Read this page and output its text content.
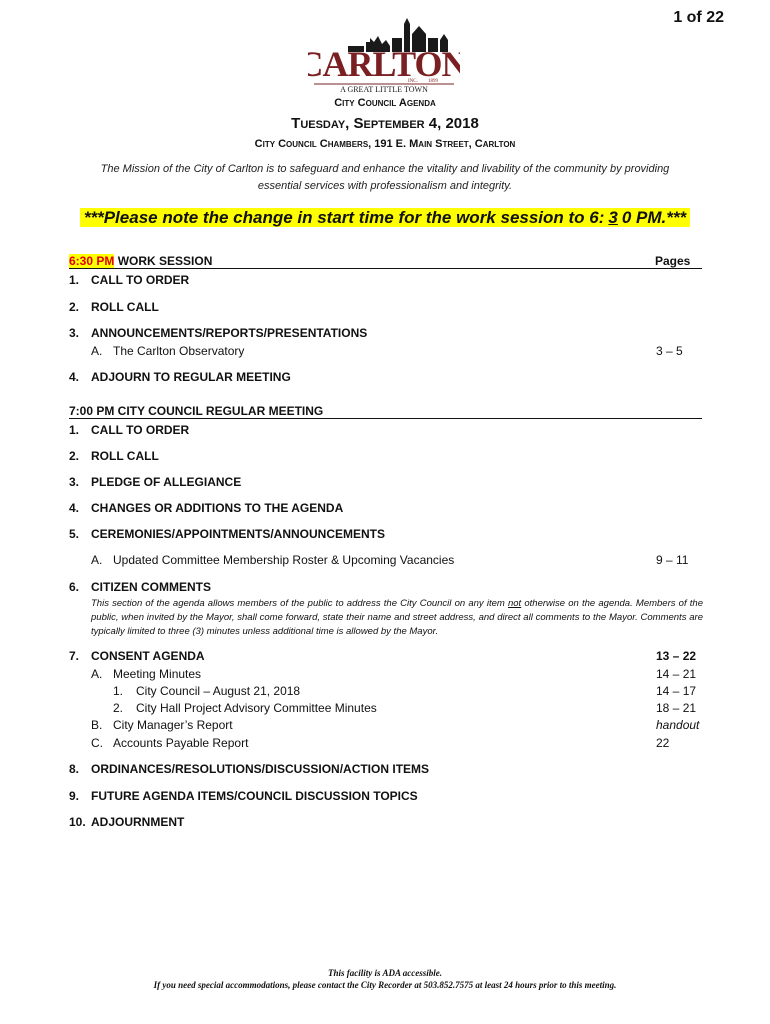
1 of 22
CARLTON
INC. 1899
A GREAT LITTLE TOWN
City Council Agenda
Tuesday, September 4, 2018
City Council Chambers, 191 E. Main Street, Carlton
The Mission of the City of Carlton is to safeguard and enhance the vitality and livability of the community by providing essential services with professionalism and integrity.
***Please note the change in start time for the work session to 6: 3 0 PM.***
6:30 PM WORK SESSION	Pages
1. CALL TO ORDER
2. ROLL CALL
3. ANNOUNCEMENTS/REPORTS/PRESENTATIONS
A. The Carlton Observatory	3 – 5
4. ADJOURN TO REGULAR MEETING
7:00 PM CITY COUNCIL REGULAR MEETING
1. CALL TO ORDER
2. ROLL CALL
3. PLEDGE OF ALLEGIANCE
4. CHANGES OR ADDITIONS TO THE AGENDA
5. CEREMONIES/APPOINTMENTS/ANNOUNCEMENTS
A. Updated Committee Membership Roster & Upcoming Vacancies	9 – 11
6. CITIZEN COMMENTS
This section of the agenda allows members of the public to address the City Council on any item not otherwise on the agenda. Members of the public, when invited by the Mayor, shall come forward, state their name and street address, and direct all comments to the Mayor. Comments are typically limited to three (3) minutes unless additional time is allowed by the Mayor.
7. CONSENT AGENDA	13 – 22
A. Meeting Minutes	14 – 21
1. City Council – August 21, 2018	14 – 17
2. City Hall Project Advisory Committee Minutes	18 – 21
B. City Manager’s Report	handout
C. Accounts Payable Report	22
8. ORDINANCES/RESOLUTIONS/DISCUSSION/ACTION ITEMS
9. FUTURE AGENDA ITEMS/COUNCIL DISCUSSION TOPICS
10. ADJOURNMENT
This facility is ADA accessible.
If you need special accommodations, please contact the City Recorder at 503.852.7575 at least 24 hours prior to this meeting.
